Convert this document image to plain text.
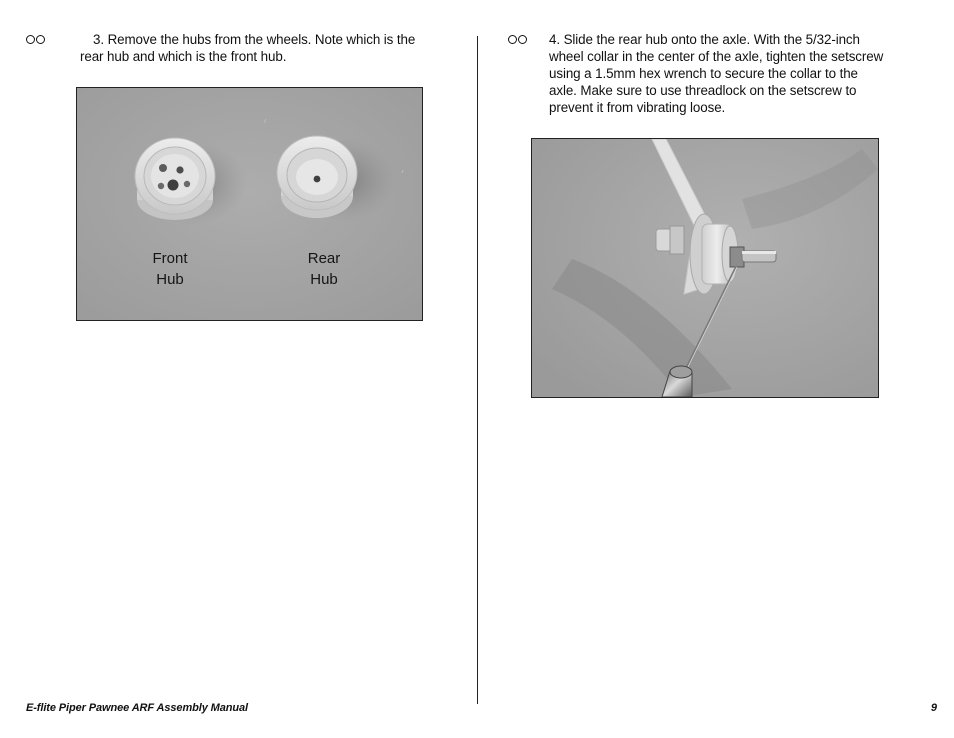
3. Remove the hubs from the wheels. Note which is the
rear hub and which is the front hub.
Front
Hub
Rear
Hub
4. Slide the rear hub onto the axle. With the 5/32-inch
wheel collar in the center of the axle, tighten the setscrew
using a 1.5mm hex wrench to secure the collar to the
axle. Make sure to use threadlock on the setscrew to
prevent it from vibrating loose.
E-flite Piper Pawnee ARF Assembly Manual	9
